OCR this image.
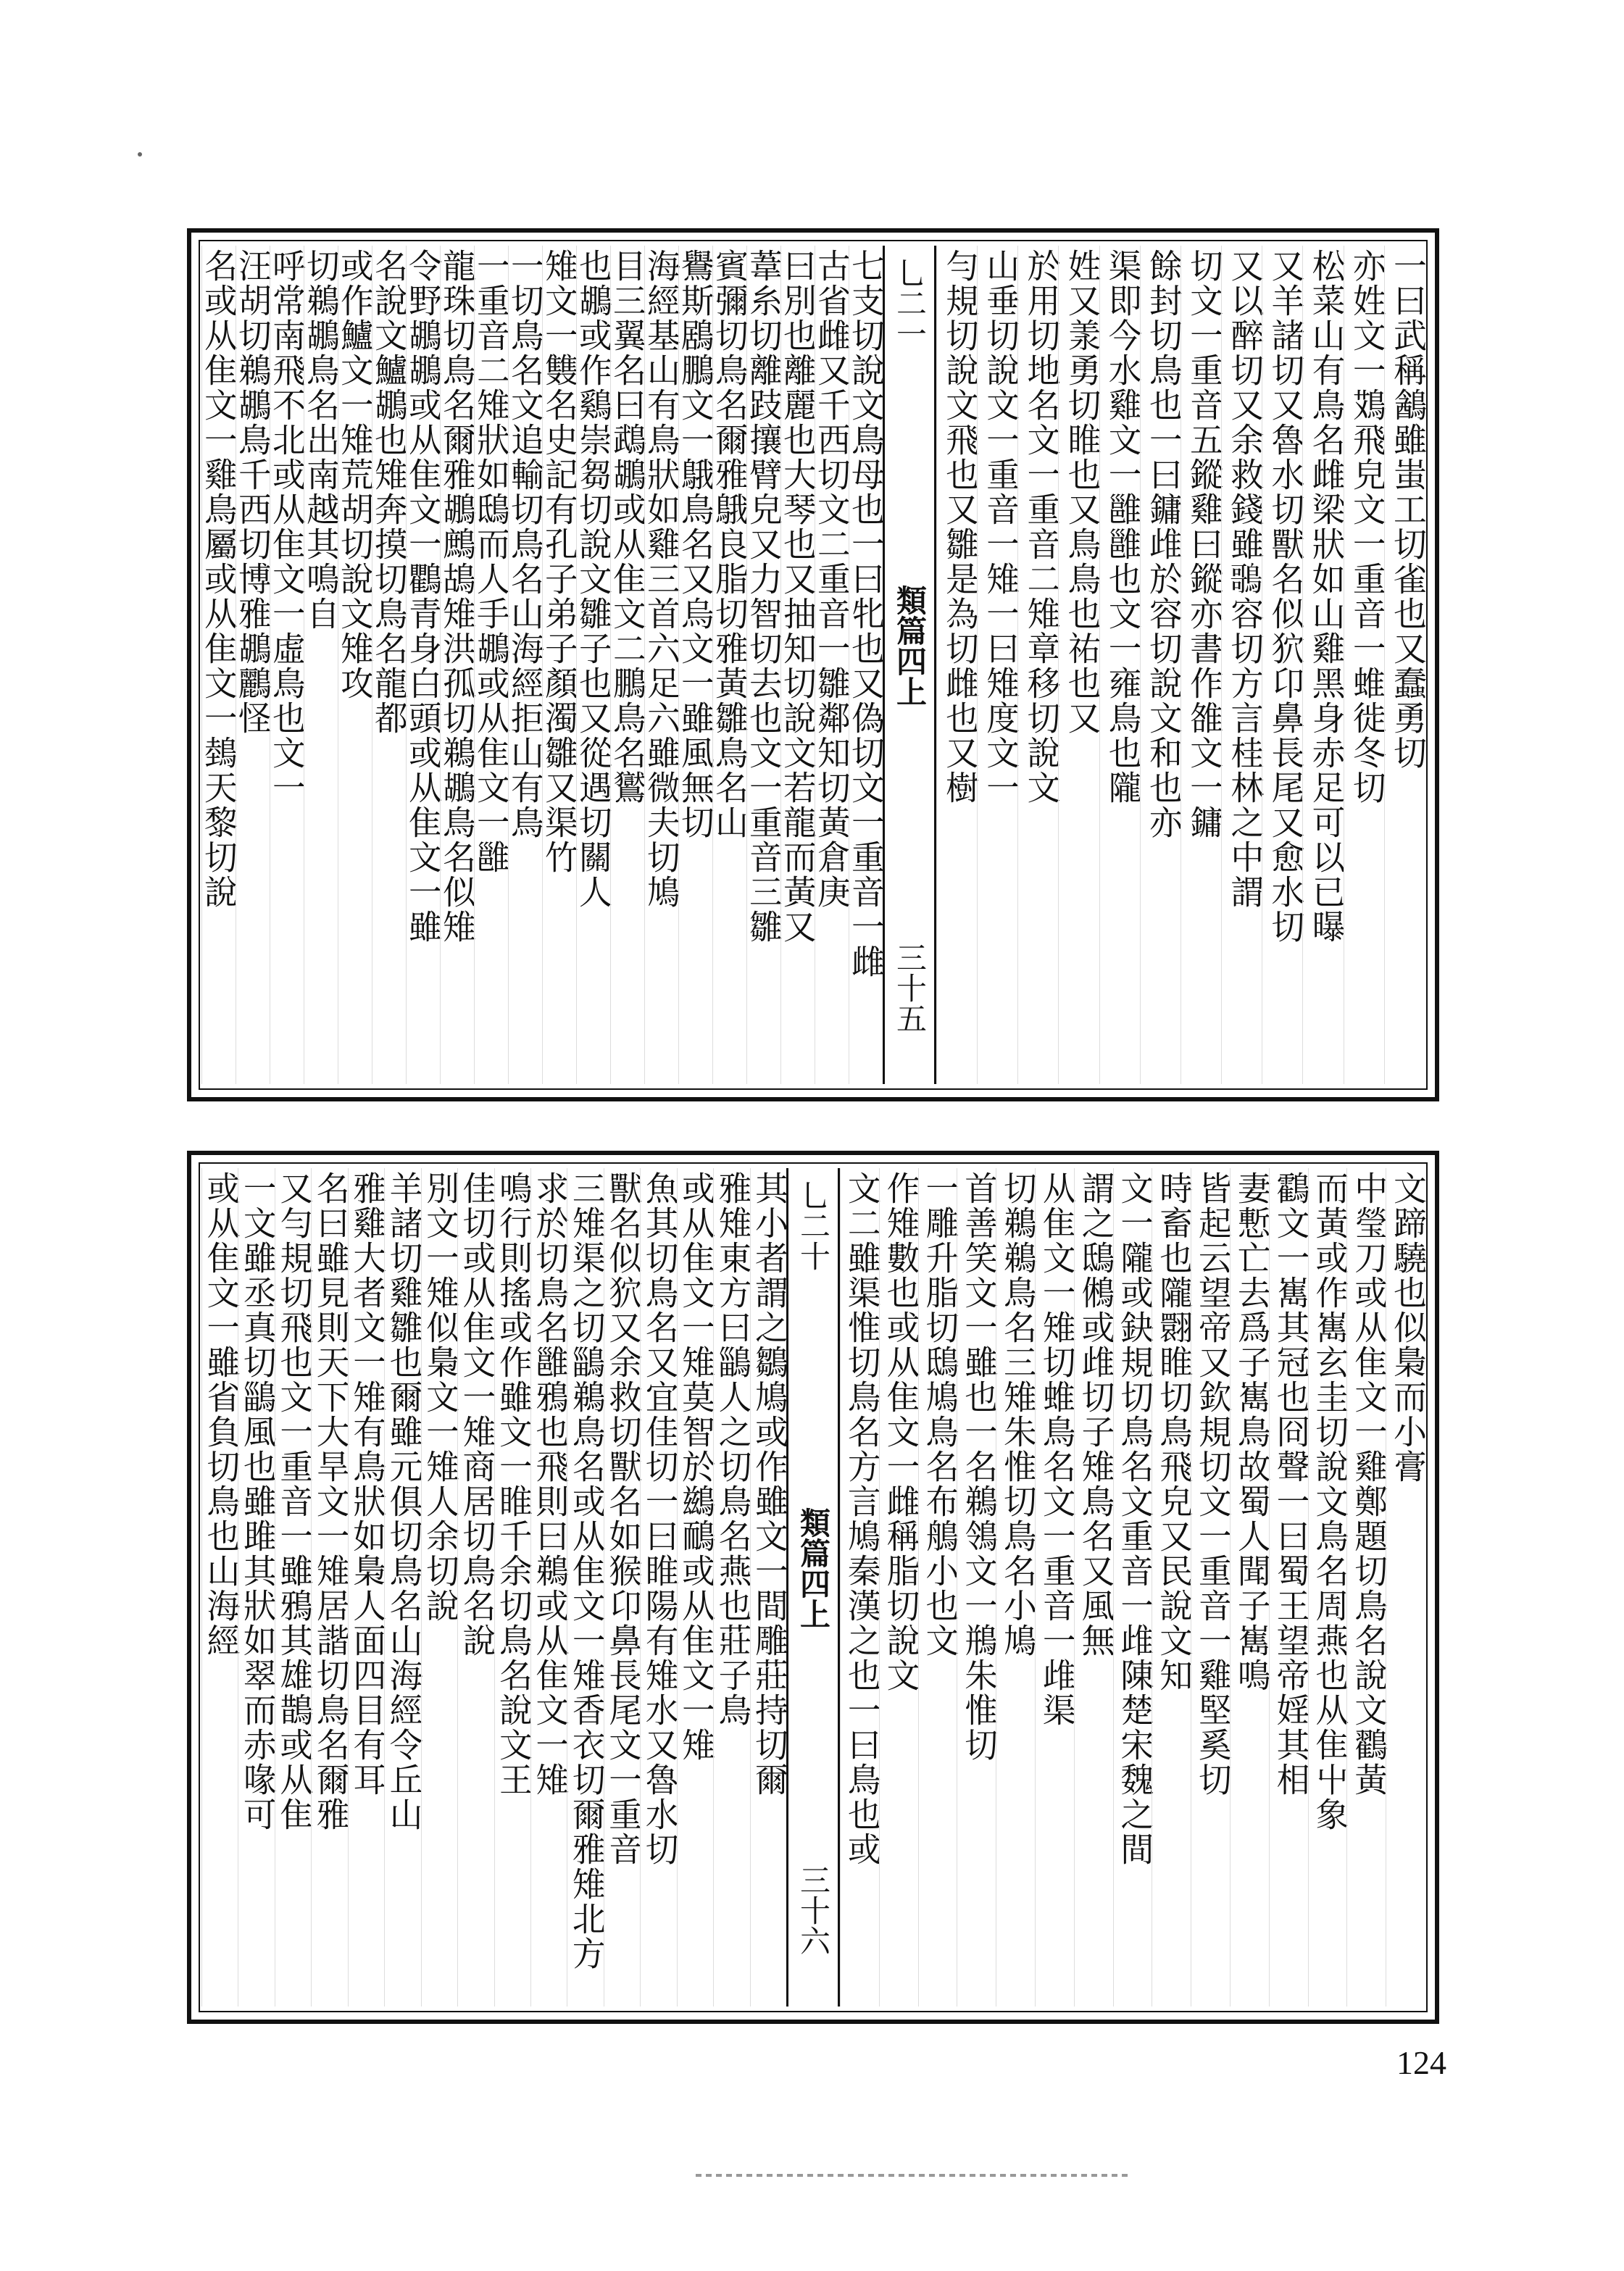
一曰武稱䳺雖蚩工切雀也又蠢勇切
亦姓文一鴱飛皃文一重音一蜼徙冬切
松菜山有鳥名雌梁狀如山雞黑身赤足可以已曝
又羊諸切又魯水切獸名似狖卬鼻長尾又愈水切
又以醉切又余救錢雖𪃿容切方言桂林之中謂
切文一重音五鏦雞曰鏦亦書作雒文一鏞
餘封切鳥也一曰鏞䧳於容切說文和也亦
渠即今水雞文一雝雝也文一雍鳥也隴
姓又羕勇切睢也又鳥鳥也祐也又
於用切地名文一重音二雉章移切說文
山垂切說文一重音一雉一曰雉度文一
勻規切說文飛也又雛是為切雌也又樹
乚二一
類篇四上
三十五
七支切說文鳥母也一曰牝也又偽切文一重音一雌
古省雌又千西切文二重音一雛鄰知切黃倉庚
曰別也離麗也大琴也又抽知切說文若龍而黃又
葦糸切離跂攘臂皃又力智切去也文一重音三雛
賓彌切鳥名爾雅䳘良脂切雅黃雛鳥名山
鸒斯鶋鵬文一䳘鳥名又烏文一雖風無切
海經基山有鳥狀如雞三首六足六雖微夫切鳩
目三翼名曰鵡鶘或从隹文二鵬鳥名鸑
也鶘或作鷄崇芻切說文雛子也又從遇切關人
雉文一䨇名史記有孔子弟子顏濁雛又渠竹
一切鳥名文追輸切鳥名山海經拒山有鳥
一重音二雉狀如鴟而人手鶘或从隹文一雝
龍珠切鳥名爾雅鶘鷓鴣雉洪孤切鵜鶘鳥名似雉
令野鶘鶘或从隹文一鸜青身白頭或从隹文一雖
名說文鱸鶘也雉奔摸切鳥名龍都
或作鱸文一雉荒胡切說文雉攻
切鵜鶘鳥名出南越其鳴自
呼常南飛不北或从隹文一虛鳥也文一
汪胡切鵜鶘鳥千西切博雅鶘鸝怪
名或从隹文一雞鳥屬或从隹文一鵱天黎切說
文蹄驍也似梟而小膏
中瑩刀或从隹文一雞鄭題切鳥名說文鸐黃
而黃或作嶲玄圭切說文鳥名周燕也从隹屮象
鸖文一嶲其冠也冏聲一曰蜀王望帝婬其相
妻慙亡去爲子嶲鳥故蜀人聞子嶲鳴
皆起云望帝又欽規切文一重音一雞堅奚切
時畜也隴翾睢切鳥飛皃又民說文知
文一隴或鈌規切鳥名文重音一䧳陳楚宋魏之間
謂之鴟鵂或䧳切子雉鳥名又風無
从隹文一雉切蜼鳥名文一重音一䧳渠
切鵜鵜鳥名三雉朱惟切鳥名小鳩
首善笑文一雖也一名鵜鴒文一鵧朱惟切
一雕升脂切鴟鳩鳥名布鵃小也文
作雉數也或从隹文一雌稱脂切說文
文二雖渠惟切鳥名方言鳩秦漢之也一曰鳥也或
乚二十
類篇四上
三十六
其小者謂之鶵鳩或作雖文一間雕莊持切爾
雅雉東方曰鶅人之切鳥名燕也莊子鳥
或从隹文一雉莫智於鷀鴯或从隹文一雉
魚其切鳥名又宜佳切一曰睢陽有雉水又魯水切
獸名似狖又余救切獸名如猴卬鼻長尾文一重音
三雉渠之切鶅鵜鳥名或从隹文一雉香衣切爾雅雉北方
求於切鳥名雝鴉也飛則曰鵜或从隹文一雉
鳴行則搖或作雖文一睢千余切鳥名說文王
佳切或从隹文一雉商居切鳥名說
別文一雉似梟文一雉人余切說
羊諸切雞雛也爾雖元俱切鳥名山海經令丘山
雅雞大者文一雉有鳥狀如梟人面四目有耳
名曰雖見則天下大旱文一雉居諧切鳥名爾雅
又勻規切飛也文一重音一雖鴉其雄鵲或从隹
一文雖丞真切鶅風也雖雎其狀如翠而赤喙可
或从隹文一雖省負切鳥也山海經
124
